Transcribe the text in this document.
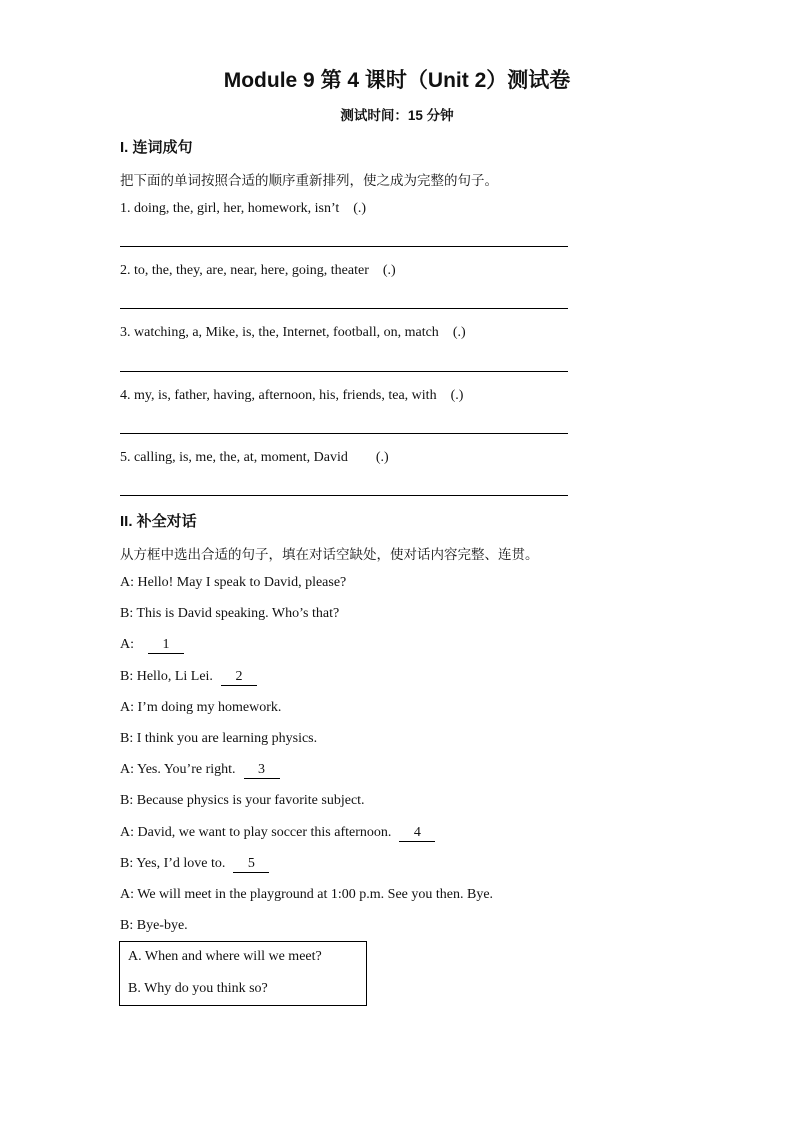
Module 9 第 4 课时（Unit 2）测试卷
测试时间：15 分钟
I. 连词成句
把下面的单词按照合适的顺序重新排列，使之成为完整的句子。
1. doing, the, girl, her, homework, isn’t (.)
2. to, the, they, are, near, here, going, theater (.)
3. watching, a, Mike, is, the, Internet, football, on, match (.)
4. my, is, father, having, afternoon, his, friends, tea, with (.)
5. calling, is, me, the, at, moment, David (.)
II. 补全对话
从方框中选出合适的句子，填在对话空缺处，使对话内容完整、连贯。
A: Hello! May I speak to David, please?
B: This is David speaking. Who’s that?
A: 1
B: Hello, Li Lei. 2
A: I’m doing my homework.
B: I think you are learning physics.
A: Yes. You’re right. 3
B: Because physics is your favorite subject.
A: David, we want to play soccer this afternoon. 4
B: Yes, I’d love to. 5
A: We will meet in the playground at 1:00 p.m. See you then. Bye.
B: Bye-bye.
A. When and where will we meet?
B. Why do you think so?
